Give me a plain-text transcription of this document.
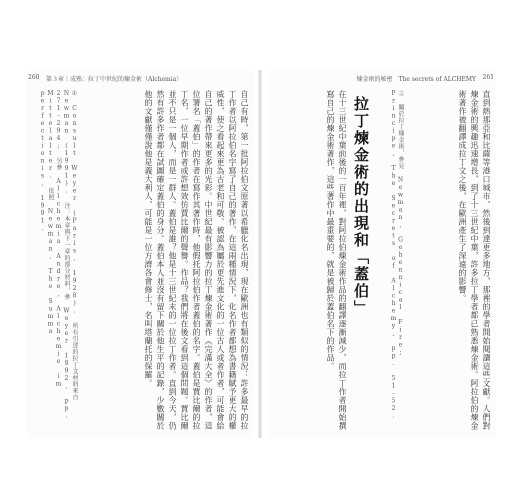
260 第３章｜成熟：拉丁中世紀的煉金術（Alchemia）
自己有時，第一批阿拉伯文原著以希臘化名出現，現在歐洲也有類似的情況：許多最早的拉丁作者以阿拉伯名字寫了自己的著作，在這兩種情況下，化名作者都想為書籍賦予更大的權威性，使之看起來更為古老和可敬。被認為屬於更先進文化的一位古人或者作者，可能會給自己的著作帶來更多的光彩。中世紀最有影響力的拉丁煉金術著作《完滿大全》的作者，這位署名「蓋伯」的作者在寫作其著作時，他假托阿拉伯作者蓋伯的名字。蓋伯是賈比爾的拉丁名，一位早期作者或許想效仿賈比爾的聲譽。作品？我們將在後文看到這個問題。賈比爾並不只是一個人，而是一群人。蓋伯是誰？他是十三世紀末的一位拉丁作者。直到今天，仍然有許多作者都在試圖確定蓋伯的身分。蓋伯本人並沒有留下關於他生平的記錄，少數關於他的文獻僅僅說他是義大利人，可能是一位方濟各會修士，名叫塔蘭托的保羅。
① Consult Weyer (Paris, 1928). 所有引述的拉丁文材料來自 Newman (1991). 注：本章與下一章的部分材料，參 Weyer 1992, pp. 271-294; 另參 Allchemia Andre, Alchemie im Mittelalter. 依照 Newman, The Summa perfectionis, 1991.
煉金術的秘密　The secrets of ALCHEMY 261
直到熱那亞和比薩等港口城市，然後到達更多地方，那裡的學者開始閱讀這些文獻。人們對煉金術的興趣迅速增長，到了十三世紀中葉，許多拉丁學者都已熟悉煉金術。阿拉伯的煉金術著作被翻譯成拉丁文之後，在歐洲產生了深遠的影響。
② 關於拉丁煉金術，參見 Newman, Gehennical Fire; Principe, The Secrets of Alchemy, pp. 51-52.
拉丁煉金術的出現和「蓋伯」
在十三世紀中葉前後的一百年裡，對阿拉伯煉金術作品的翻譯逐漸減少，而拉丁作者開始撰寫自己的煉金術著作，這些著作中最重要的，就是被歸於蓋伯名下的作品。
